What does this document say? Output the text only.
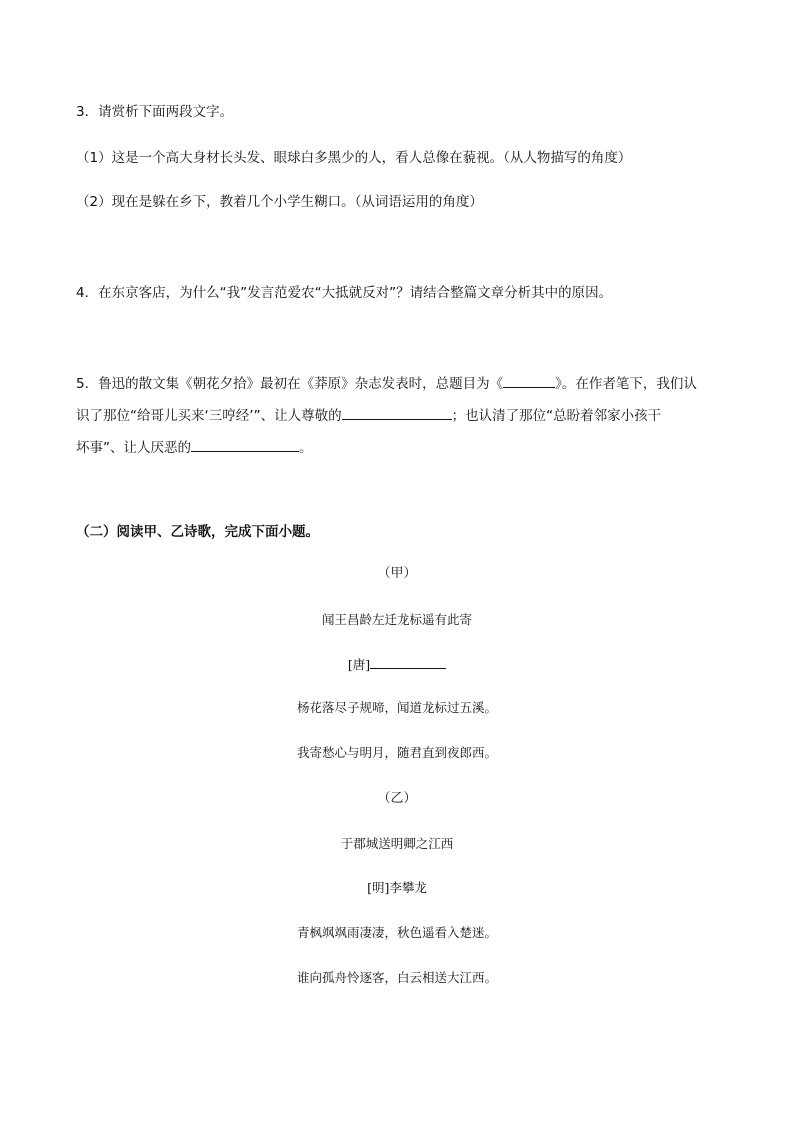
3．请赏析下面两段文字。
（1）这是一个高大身材长头发、眼球白多黑少的人，看人总像在藐视。（从人物描写的角度）
（2）现在是躲在乡下，教着几个小学生糊口。（从词语运用的角度）
4．在东京客店，为什么“我”发言范爱农“大抵就反对”？请结合整篇文章分析其中的原因。
5．鲁迅的散文集《朝花夕拾》最初在《莽原》杂志发表时，总题目为《	》。在作者笔下，我们认
识了那位“给哥儿买来‘三哼经’”、让人尊敬的	；也认清了那位“总盼着邻家小孩干
坏事”、让人厌恶的	。
（二）阅读甲、乙诗歌，完成下面小题。
（甲）
闻王昌龄左迁龙标遥有此寄
[唐]
杨花落尽子规啼，闻道龙标过五溪。
我寄愁心与明月，随君直到夜郎西。
（乙）
于郡城送明卿之江西
[明]李攀龙
青枫飒飒雨凄凄，秋色遥看入楚迷。
谁向孤舟怜逐客，白云相送大江西。
